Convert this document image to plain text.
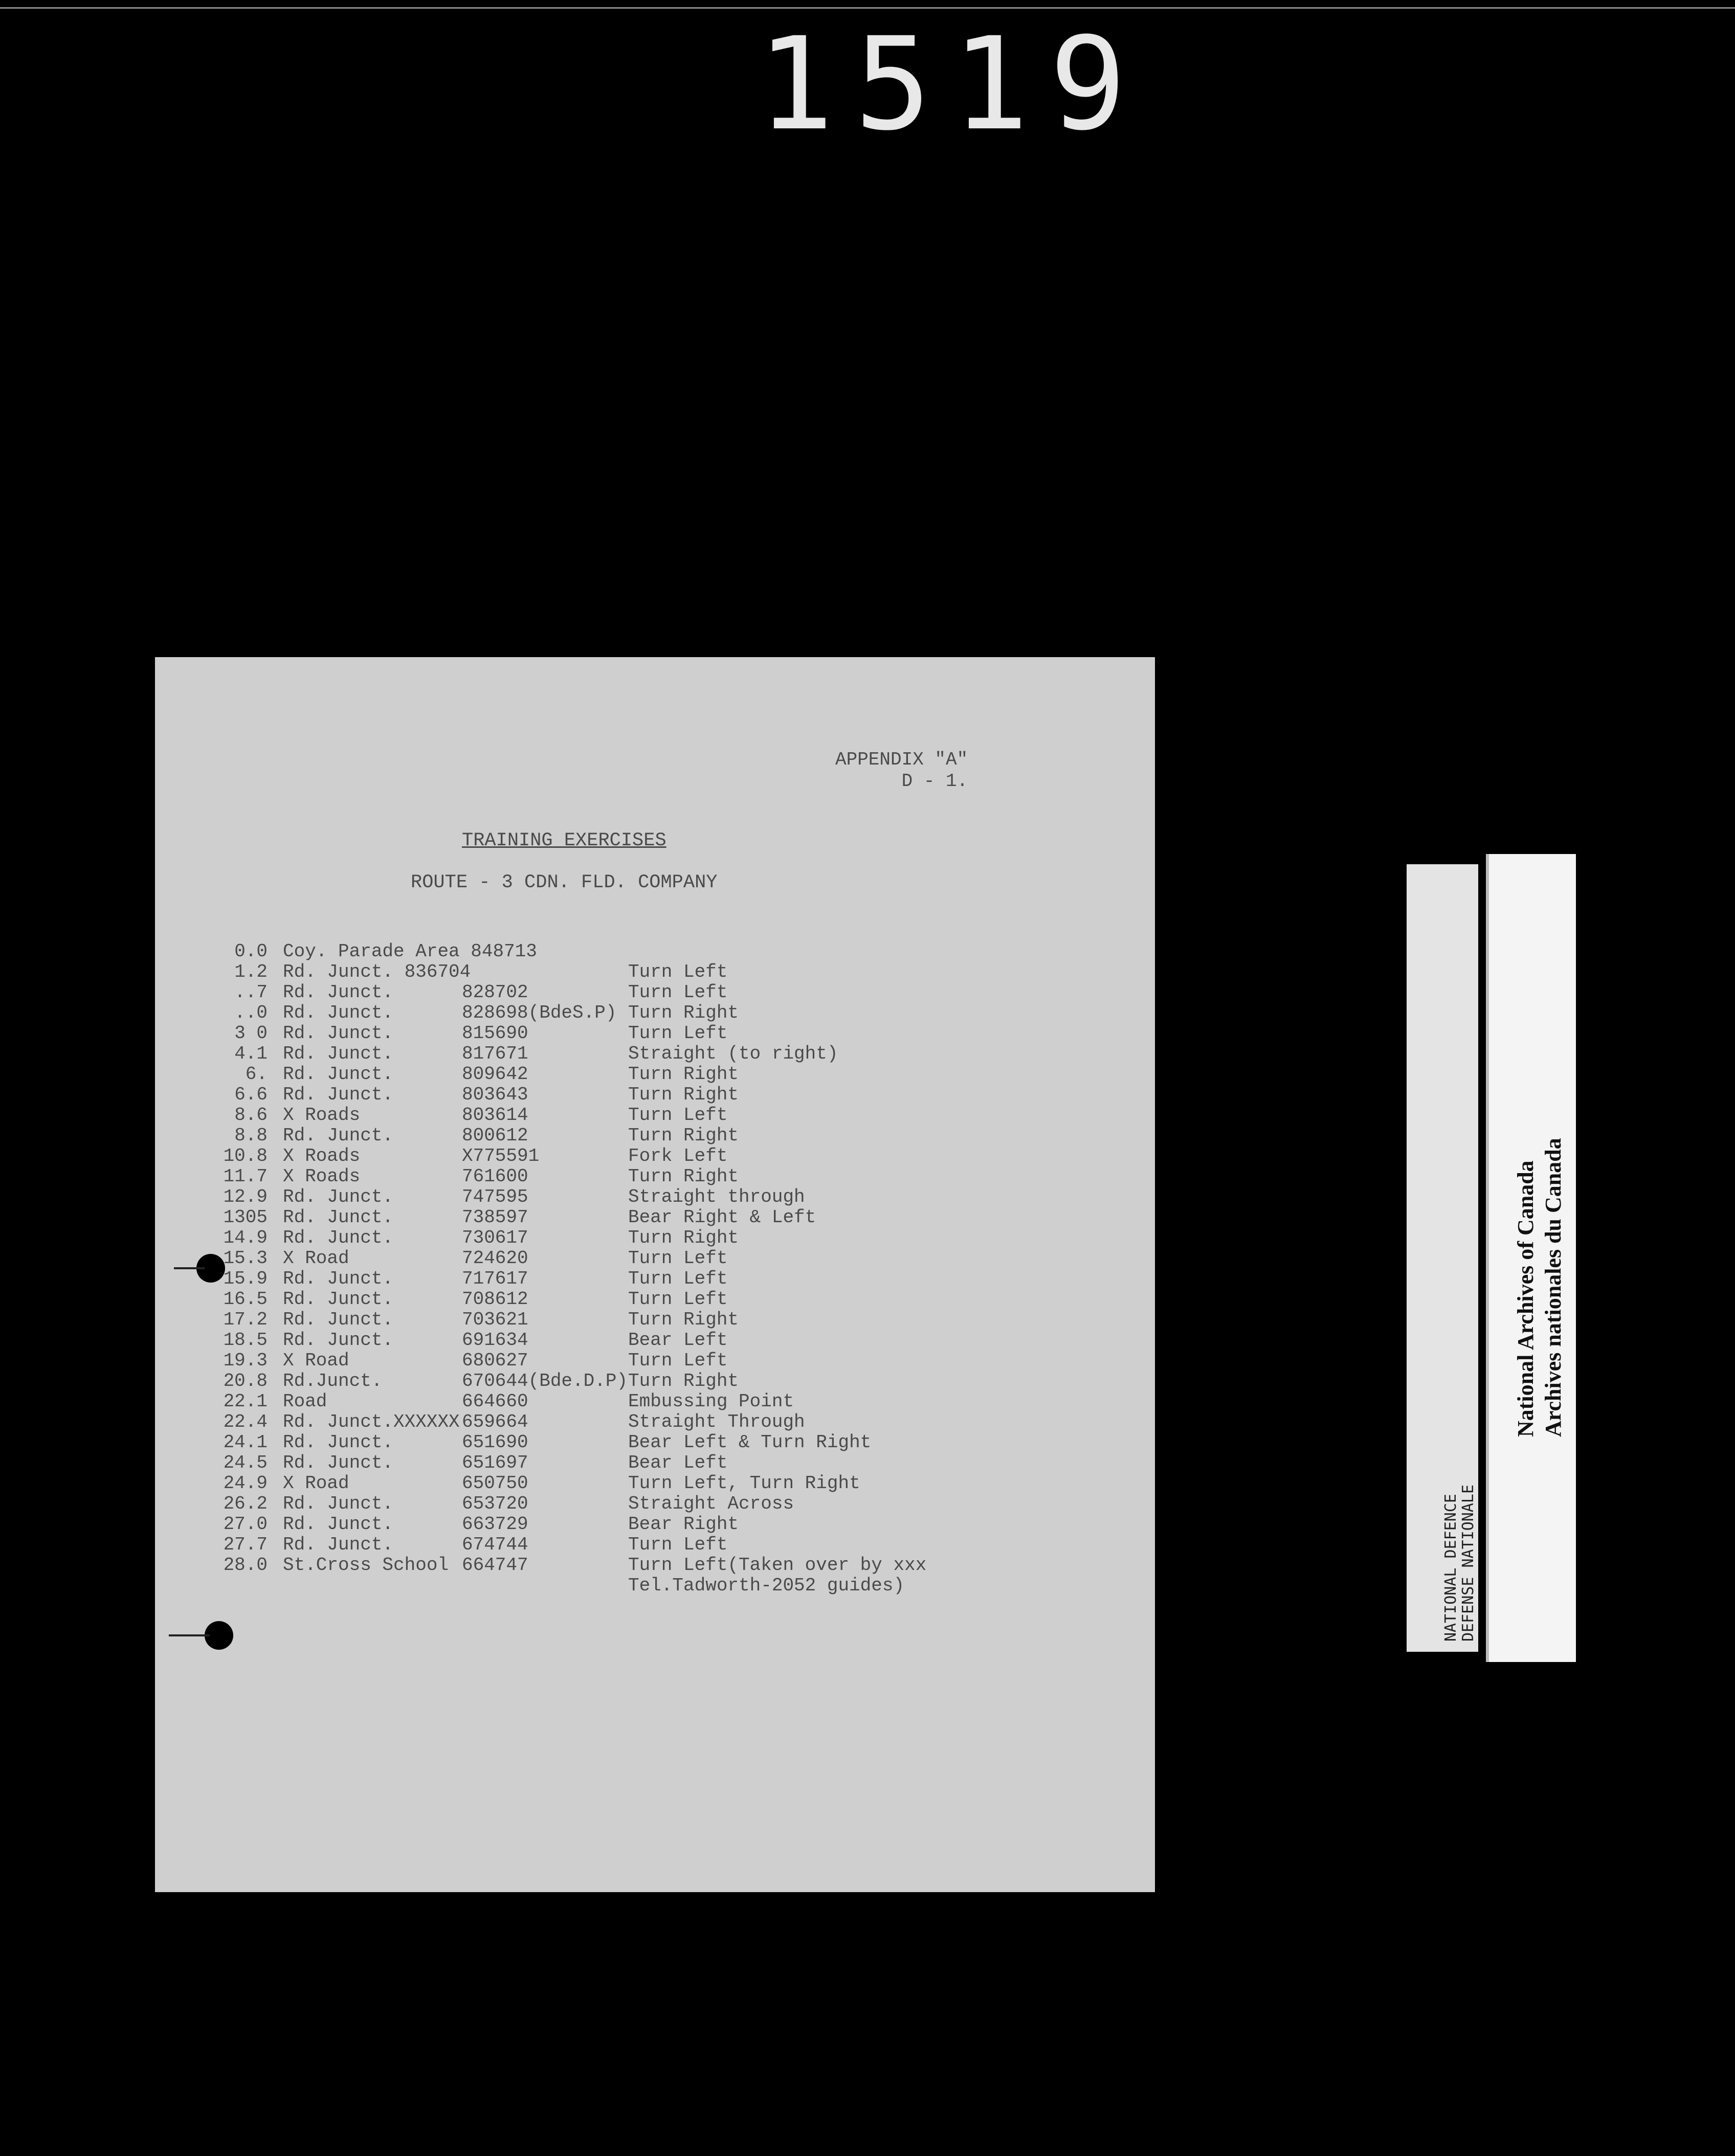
1519
APPENDIX "A"
D - 1.
TRAINING EXERCISES
ROUTE - 3 CDN. FLD. COMPANY
0.0 Coy. Parade Area 848713
1.2 Rd. Junct. 836704	Turn Left
..7 Rd. Junct.	828702	Turn Left
..0 Rd. Junct.	828698(BdeS.P) Turn Right
3 0 Rd. Junct.	815690	Turn Left
4.1 Rd. Junct.	817671	Straight (to right)
6. Rd. Junct.	809642	Turn Right
6.6 Rd. Junct.	803643	Turn Right
8.6 X Roads	803614	Turn Left
8.8 Rd. Junct.	800612	Turn Right
10.8 X Roads	X775591	Fork Left
11.7 X Roads	761600	Turn Right
12.9 Rd. Junct.	747595	Straight through
1305 Rd. Junct.	738597	Bear Right & Left
14.9 Rd. Junct.	730617	Turn Right
15.3 X Road	724620	Turn Left
15.9 Rd. Junct.	717617	Turn Left
16.5 Rd. Junct.	708612	Turn Left
17.2 Rd. Junct.	703621	Turn Right
18.5 Rd. Junct.	691634	Bear Left
19.3 X Road	680627	Turn Left
20.8 Rd.Junct.	670644(Bde.D.P) Turn Right
22.1 Road	664660	Embussing Point
22.4 Rd. Junct.XXXXXX 659664	Straight Through
24.1 Rd. Junct.	651690	Bear Left & Turn Right
24.5 Rd. Junct.	651697	Bear Left
24.9 X Road	650750	Turn Left, Turn Right
26.2 Rd. Junct.	653720	Straight Across
27.0 Rd. Junct.	663729	Bear Right
27.7 Rd. Junct.	674744	Turn Left
28.0 St.Cross School 664747	Turn Left(Taken over by xxx
Tel.Tadworth-2052 guides)	NATIONAL DEFENCE DEFENSE NATIONALE
National Archives of Canada Archives nationales du Canada
